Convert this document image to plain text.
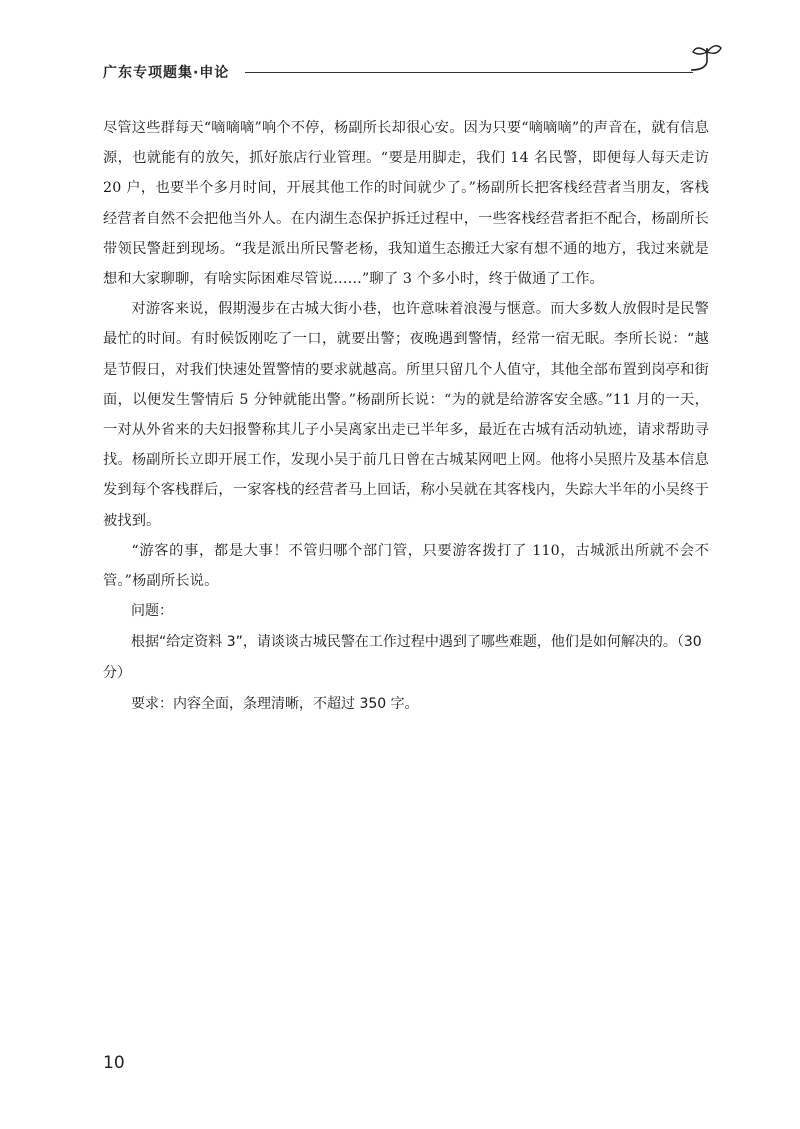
广东专项题集·申论

尽管这些群每天“嘀嘀嘀”响个不停，杨副所长却很心安。因为只要“嘀嘀嘀”的声音在，就有信息源，也就能有的放矢，抓好旅店行业管理。“要是用脚走，我们 14 名民警，即便每人每天走访 20 户，也要半个多月时间，开展其他工作的时间就少了。”杨副所长把客栈经营者当朋友，客栈经营者自然不会把他当外人。在内湖生态保护拆迁过程中，一些客栈经营者拒不配合，杨副所长带领民警赶到现场。“我是派出所民警老杨，我知道生态搬迁大家有想不通的地方，我过来就是想和大家聊聊，有啥实际困难尽管说……”聊了 3 个多小时，终于做通了工作。

对游客来说，假期漫步在古城大街小巷，也许意味着浪漫与惬意。而大多数人放假时是民警最忙的时间。有时候饭刚吃了一口，就要出警；夜晚遇到警情，经常一宿无眠。李所长说：“越是节假日，对我们快速处置警情的要求就越高。所里只留几个人值守，其他全部布置到岗亭和街面，以便发生警情后 5 分钟就能出警。”杨副所长说：“为的就是给游客安全感。”11 月的一天，一对从外省来的夫妇报警称其儿子小吴离家出走已半年多，最近在古城有活动轨迹，请求帮助寻找。杨副所长立即开展工作，发现小吴于前几日曾在古城某网吧上网。他将小吴照片及基本信息发到每个客栈群后，一家客栈的经营者马上回话，称小吴就在其客栈内，失踪大半年的小吴终于被找到。

“游客的事，都是大事！不管归哪个部门管，只要游客拨打了 110，古城派出所就不会不管。”杨副所长说。

问题：

根据“给定资料 3”，请谈谈古城民警在工作过程中遇到了哪些难题，他们是如何解决的。（30 分）

要求：内容全面，条理清晰，不超过 350 字。

10
